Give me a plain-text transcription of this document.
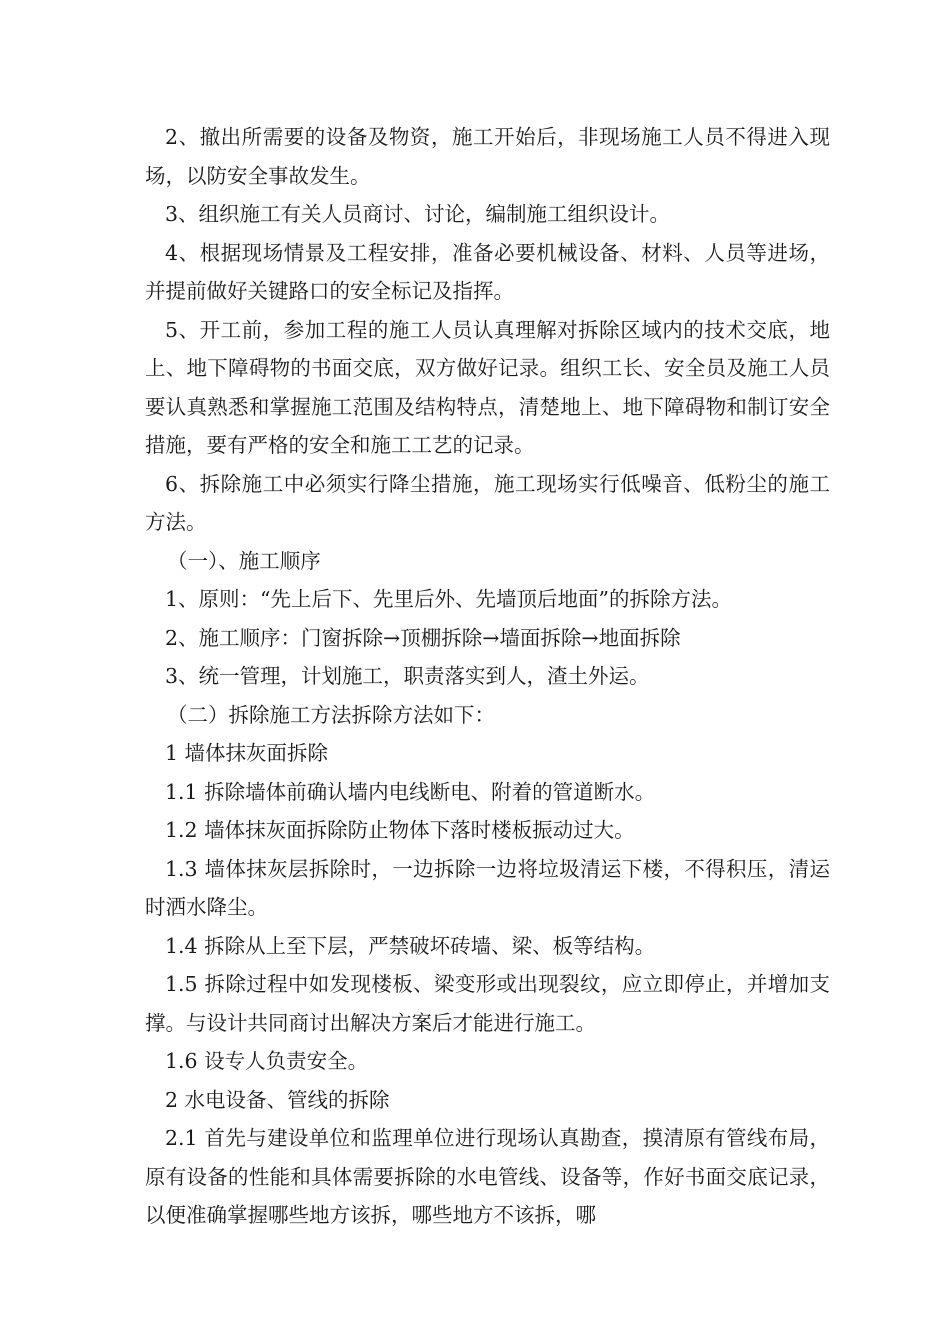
2、撤出所需要的设备及物资，施工开始后，非现场施工人员不得进入现场，以防安全事故发生。

3、组织施工有关人员商讨、讨论，编制施工组织设计。

4、根据现场情景及工程安排，准备必要机械设备、材料、人员等进场，并提前做好关键路口的安全标记及指挥。

5、开工前，参加工程的施工人员认真理解对拆除区域内的技术交底，地上、地下障碍物的书面交底，双方做好记录。组织工长、安全员及施工人员要认真熟悉和掌握施工范围及结构特点，清楚地上、地下障碍物和制订安全措施，要有严格的安全和施工工艺的记录。

6、拆除施工中必须实行降尘措施，施工现场实行低噪音、低粉尘的施工方法。

（一）、施工顺序

1、原则：“先上后下、先里后外、先墙顶后地面”的拆除方法。

2、施工顺序：门窗拆除→顶棚拆除→墙面拆除→地面拆除

3、统一管理，计划施工，职责落实到人，渣土外运。

（二）拆除施工方法拆除方法如下：

1 墙体抹灰面拆除

1.1 拆除墙体前确认墙内电线断电、附着的管道断水。

1.2 墙体抹灰面拆除防止物体下落时楼板振动过大。

1.3 墙体抹灰层拆除时，一边拆除一边将垃圾清运下楼，不得积压，清运时洒水降尘。

1.4 拆除从上至下层，严禁破坏砖墙、梁、板等结构。

1.5 拆除过程中如发现楼板、梁变形或出现裂纹，应立即停止，并增加支撑。与设计共同商讨出解决方案后才能进行施工。

1.6 设专人负责安全。

2 水电设备、管线的拆除

2.1 首先与建设单位和监理单位进行现场认真勘查，摸清原有管线布局，原有设备的性能和具体需要拆除的水电管线、设备等，作好书面交底记录，以便准确掌握哪些地方该拆，哪些地方不该拆，哪
